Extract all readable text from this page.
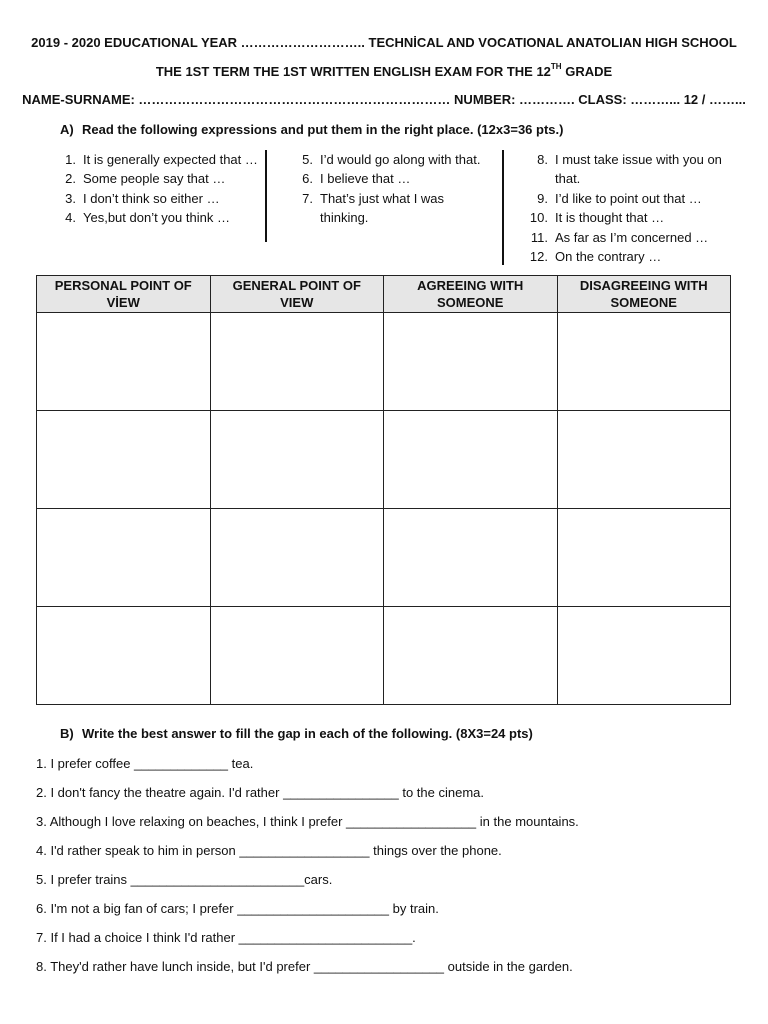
2019 - 2020 EDUCATIONAL YEAR ……………………….. TECHNİCAL AND VOCATIONAL ANATOLIAN HIGH SCHOOL
THE 1ST TERM THE 1ST WRITTEN ENGLISH EXAM FOR THE 12TH GRADE
NAME-SURNAME: ……………………………………………………………… NUMBER: …………. CLASS: ………... 12 / ……...
A) Read the following expressions and put them in the right place. (12x3=36 pts.)
1. It is generally expected that …
2. Some people say that …
3. I don’t think so either …
4. Yes,but don’t you think …
5. I’d would go along with that.
6. I believe that …
7. That’s just what I was thinking.
8. I must take issue with you on that.
9. I’d like to point out that …
10. It is thought that …
11. As far as I’m concerned …
12. On the contrary …
PERSONAL POINT OF VİEW	GENERAL POINT OF VIEW	AGREEING WITH SOMEONE	DISAGREEING WITH SOMEONE

B) Write the best answer to fill the gap in each of the following. (8X3=24 pts)
1. I prefer coffee _____________ tea.
2. I don't fancy the theatre again. I'd rather ________________ to the cinema.
3. Although I love relaxing on beaches, I think I prefer __________________ in the mountains.
4. I'd rather speak to him in person __________________ things over the phone.
5. I prefer trains ________________________cars.
6. I'm not a big fan of cars; I prefer _____________________ by train.
7. If I had a choice I think I'd rather ________________________.
8. They'd rather have lunch inside, but I'd prefer __________________ outside in the garden.
